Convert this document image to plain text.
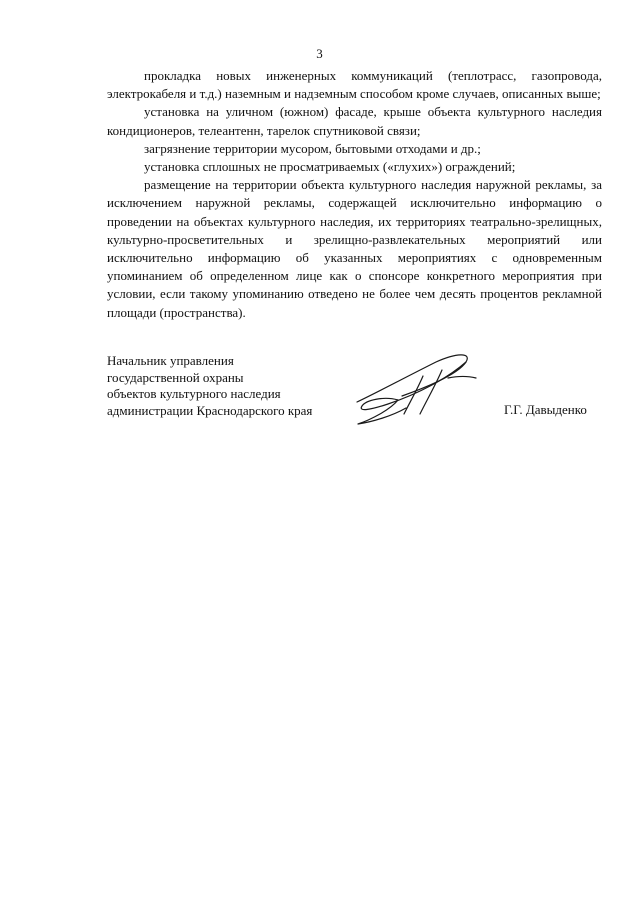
3

прокладка новых инженерных коммуникаций (теплотрасс, газопровода, электрокабеля и т.д.) наземным и надземным способом кроме случаев, описанных выше;

установка на уличном (южном) фасаде, крыше объекта культурного наследия кондиционеров, телеантенн, тарелок спутниковой связи;

загрязнение территории мусором, бытовыми отходами и др.;

установка сплошных не просматриваемых («глухих») ограждений;

размещение на территории объекта культурного наследия наружной рекламы, за исключением наружной рекламы, содержащей исключительно информацию о проведении на объектах культурного наследия, их территориях театрально-зрелищных, культурно-просветительных и зрелищно-развлекательных мероприятий или исключительно информацию об указанных мероприятиях с одновременным упоминанием об определенном лице как о спонсоре конкретного мероприятия при условии, если такому упоминанию отведено не более чем десять процентов рекламной площади (пространства).

Начальник управления
государственной охраны
объектов культурного наследия
администрации Краснодарского края	Г.Г. Давыденко
